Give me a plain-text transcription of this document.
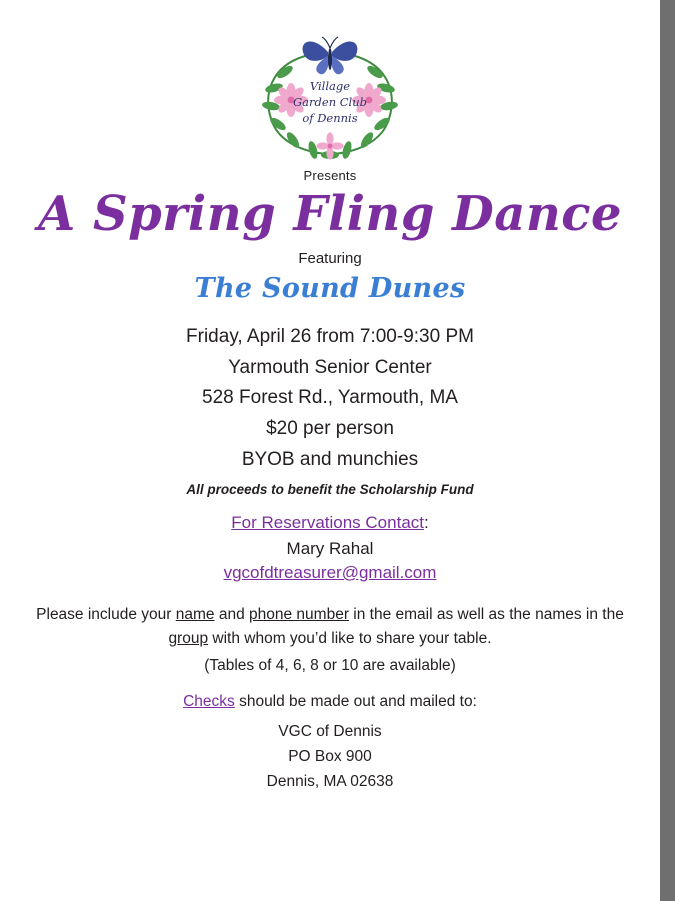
Village
Garden Club
of Dennis
Presents
A Spring Fling Dance
Featuring
The Sound Dunes
Friday, April 26 from 7:00-9:30 PM
Yarmouth Senior Center
528 Forest Rd., Yarmouth, MA
$20 per person
BYOB and munchies
All proceeds to benefit the Scholarship Fund
For Reservations Contact:
Mary Rahal
vgcofdtreasurer@gmail.com
Please include your name and phone number in the email as well as the names in the group with whom you’d like to share your table.
(Tables of 4, 6, 8 or 10 are available)
Checks should be made out and mailed to:
VGC of Dennis
PO Box 900
Dennis, MA 02638
